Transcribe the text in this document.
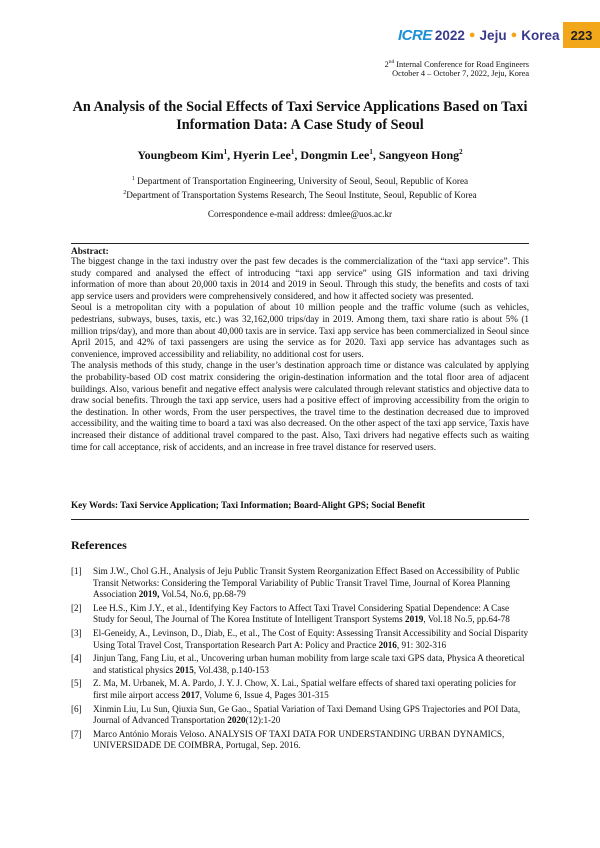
ICRE 2022 ● Jeju ● Korea 223
2nd Internal Conference for Road Engineers
October 4 – October 7, 2022, Jeju, Korea
An Analysis of the Social Effects of Taxi Service Applications Based on Taxi Information Data: A Case Study of Seoul
Youngbeom Kim$^1$, Hyerin Lee$^1$, Dongmin Lee$^1$, Sangyeon Hong$^2$
$^1$ Department of Transportation Engineering, University of Seoul, Seoul, Republic of Korea
$^2$Department of Transportation Systems Research, The Seoul Institute, Seoul, Republic of Korea
Correspondence e-mail address: dmlee@uos.ac.kr
Abstract:

The biggest change in the taxi industry over the past few decades is the commercialization of the “taxi app service”. This study compared and analysed the effect of introducing “taxi app service” using GIS information and taxi driving information of more than about 20,000 taxis in 2014 and 2019 in Seoul. Through this study, the benefits and costs of taxi app service users and providers were comprehensively considered, and how it affected society was presented.

Seoul is a metropolitan city with a population of about 10 million people and the traffic volume (such as vehicles, pedestrians, subways, buses, taxis, etc.) was 32,162,000 trips/day in 2019. Among them, taxi share ratio is about 5% (1 million trips/day), and more than about 40,000 taxis are in service. Taxi app service has been commercialized in Seoul since April 2015, and 42% of taxi passengers are using the service as for 2020. Taxi app service has advantages such as convenience, improved accessibility and reliability, no additional cost for users.

The analysis methods of this study, change in the user’s destination approach time or distance was calculated by applying the probability-based OD cost matrix considering the origin-destination information and the total floor area of adjacent buildings. Also, various benefit and negative effect analysis were calculated through relevant statistics and objective data to draw social benefits. Through the taxi app service, users had a positive effect of improving accessibility from the origin to the destination. In other words, From the user perspectives, the travel time to the destination decreased due to improved accessibility, and the waiting time to board a taxi was also decreased. On the other aspect of the taxi app service, Taxis have increased their distance of additional travel compared to the past. Also, Taxi drivers had negative effects such as waiting time for call acceptance, risk of accidents, and an increase in free travel distance for reserved users.

Key Words: Taxi Service Application; Taxi Information; Board-Alight GPS; Social Benefit
References
[1]	Sim J.W., Chol G.H., Analysis of Jeju Public Transit System Reorganization Effect Based on Accessibility of Public Transit Networks: Considering the Temporal Variability of Public Transit Travel Time, Journal of Korea Planning Association 2019, Vol.54, No.6, pp.68-79
[2]	Lee H.S., Kim J.Y., et al., Identifying Key Factors to Affect Taxi Travel Considering Spatial Dependence: A Case Study for Seoul, The Journal of The Korea Institute of Intelligent Transport Systems 2019, Vol.18 No.5, pp.64-78
[3]	El-Geneidy, A., Levinson, D., Diab, E., et al., The Cost of Equity: Assessing Transit Accessibility and Social Disparity Using Total Travel Cost, Transportation Research Part A: Policy and Practice 2016, 91: 302-316
[4]	Jinjun Tang, Fang Liu, et al., Uncovering urban human mobility from large scale taxi GPS data, Physica A theoretical and statistical physics 2015, Vol.438, p.140-153
[5]	Z. Ma, M. Urbanek, M. A. Pardo, J. Y. J. Chow, X. Lai., Spatial welfare effects of shared taxi operating policies for first mile airport access 2017, Volume 6, Issue 4, Pages 301-315
[6]	Xinmin Liu, Lu Sun, Qiuxia Sun, Ge Gao., Spatial Variation of Taxi Demand Using GPS Trajectories and POI Data, Journal of Advanced Transportation 2020(12):1-20
[7]	Marco António Morais Veloso. ANALYSIS OF TAXI DATA FOR UNDERSTANDING URBAN DYNAMICS, UNIVERSIDADE DE COIMBRA, Portugal, Sep. 2016.
